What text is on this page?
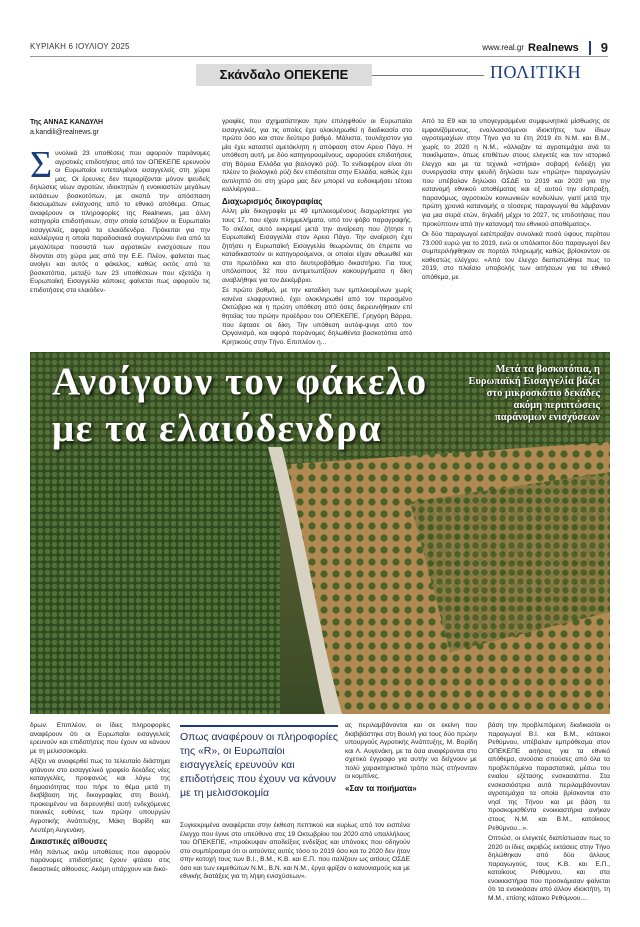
ΚΥΡΙΑΚΗ 6 ΙΟΥΛΙΟΥ 2025	www.real.gr Realnews 9
Σκάνδαλο ΟΠΕΚΕΠΕ	ΠΟΛΙΤΙΚΗ
Της ΑΝΝΑΣ ΚΑΝΔΥΛΗ
a.kandili@realnews.gr
Σ υνολικά 23 υποθέσεις που αφορούν παράνομες αγροτικές επιδοτήσεις από τον ΟΠΕΚΕΠΕ ερευνούν οι Ευρωπαίοι εντεταλμένοι εισαγγελείς στη χώρα μας. Οι έρευνες δεν περιορίζονται μόνον ψευδείς δηλώσεις νέων αγροτών, ιδιοκτητών ή ενοικιαστών μεγάλων εκτάσεων βοσκοτόπων, με σκοπό την απόσπαση διασωμάτων ενίσχυσης από το εθνικό απόθεμα. Οπως αναφέρουν οι πληροφορίες της Realnews, μια άλλη κατηγορία επιδοτήσεων, στην οποία εστιάζουν οι Ευρωπαίοι εισαγγελείς, αφορά τα ελαιόδενδρα. Πρόκειται για την καλλιέργεια η οποία παραδοσιακά συγκεντρώνει ένα από τα μεγαλύτερα ποσοστά των αγροτικών ενισχύσεων που δίνονται στη χώρα μας από την Ε.Ε. Πλέον, φαίνεται πως ανοίγει και αυτός ο φάκελος, καθώς εκτός από τα βοσκοτόπια, μεταξύ των 23 υποθέσεων που εξετάζει η Ευρωπαϊκή Εισαγγελία κάποιες φαίνεται πως αφορούν τις επιδοτήσεις στα ελαιόδεν-

γραφίες που σχηματίστηκαν πριν επιληφθούν οι Ευρωπαίοι εισαγγελείς, για τις οποίες έχει ολοκληρωθεί η διαδικασία στο πρώτο όσο και στον δεύτερο βαθμό. Μάλιστα, τουλάχιστον για μία έχει καταστεί αμετάκλητη η απόφαση στον Αρειο Πάγο. Η υπόθεση αυτή, με δύο κατηγορουμένους, αφορούσε επιδοτήσεις στη Βόρεια Ελλάδα για βιολογικό ρύζι. Το ενδιαφέρον είναι ότι πλέον το βιολογικό ρύζι δεν επιδοτείται στην Ελλάδα, καθώς έχει αντιληπτό ότι στη χώρα μας δεν μπορεί να ευδοκιμήσει τέτοια καλλιέργεια...

Διαχωρισμός δικογραφίας

Αλλη μία δικογραφία με 49 εμπλεκομένους διαχωρίστηκε για τους 17, που είχαν πλημμελήματα, υπό τον φόβο παραγραφής. Το σκέλος αυτό εκκρεμεί μετά την αναίρεση που ζήτησε η Ευρωπαϊκή Εισαγγελία στον Αρειο Πάγο. Την αναίρεση έχει ζητήσει η Ευρωπαϊκή Εισαγγελία θεωρώντας ότι έπρεπε να καταδικαστούν οι κατηγορούμενοι, οι οποίοι είχαν αθωωθεί και στο πρωτόδικο και στο δευτεροβάθμιο δικαστήριο. Για τους υπόλοιπους 32 που αντιμετωπίζουν κακουργήματα η δίκη αναβλήθηκε για τον Δεκέμβριο.

Σε πρώτο βαθμό, με την καταδίκη των εμπλεκομένων χωρίς κανένα ελαφρυντικό, έχει ολοκληρωθεί από τον περασμένο Οκτώβριο και η πρώτη υπόθεση από όσες διερευνήθηκαν επί θητείας του πρώην προέδρου του ΟΠΕΚΕΠΕ, Γρηγόρη Βάρρα, που έφτασε σε δίκη. Την υπόθεση αυτόφ-ψυγε από τον Οργανισμό, και αφορά παράνομες δηλωθέντα βοσκοτόπια από Κρητικούς στην Τήνο. Επιπλέον η...

Από τα Ε9 και τα υπογεγραμμένα συμφωνητικά μίσθωσης σε εμφανίζόμενους, εναλλασσόμενοι ιδιοκτήτες των ίδιων αγροτεμαχίων στην Τήνο για τα έτη 2019 έτι Ν.Μ. και Β.Μ., χωρίς το 2020 η Ν.Μ., «άλλαζαν τα αγροτεμάχια ανά τα ποικίλματα», όπως επιθέτων στους ελεγκτές και τον ιστορικό έλεγχο και με τα τεχνικά «στήρια» σοβαρή ένδειξη για συνεργασία στην ψευδή δηλώσει των «πρώην» παραγωγών που υπέβαλαν δηλώσει ΟΣΔΕ το 2019 και 2020 για την κατανομή εθνικού αποθέματος και εξ αυτού την είσπραξη, παρανόμως, αγροτικών κοινωνικών κονδυλίων, γιατί μετά την πρώτη χρονιά κατανομής ο τέοσερις παραγωγοί θα λάμβαναν για μια σειρά ετών, δηλαδή μέχρι το 2027, τις επιδοτήσεις που προκύπτουν από την κατανομή του εθνικού αποθέματος».

Οι δύο παραγωγοί εισέπραξαν συνολικά ποσό ύψους περίπου 73.000 ευρώ για το 2019, ενώ οι υπόλοιποι δύο παραγωγοί δεν συμπεριλήφθηκαν σε πορτάλ πληρωμής καθώς βρίσκονταν σε καθεστώς ελέγχου. «Από τον έλεγχο διαπιστώθηκε πως το 2019, στο πλαίσιο υποβολής των αιτήσεων για τα εθνικό απόθεμα, με

Ανοίγουν τον φάκελο
με τα ελαιόδενδρα
Μετά τα βοσκοτόπια, η Ευρωπαϊκή Εισαγγελία βάζει στο μικροσκόπιο δεκάδες ακόμη περιπτώσεις παράνομων ενισχύσεων

δρων. Επιπλέον, οι ίδιες πληροφορίες αναφέρουν ότι οι Ευρωπαίοι εισαγγελείς ερευνούν και επιδοτήσεις που έχουν να κάνουν με τη μελισσοκομία.

Αξίζει να αναφερθεί πως το τελευταίο διάστημα φτάνουν στο εισαγγελικό γραφείο δεκάδες νέες καταγγελίες, προφανώς και λόγω της δημοσιότητας που πήρε το θέμα μετά τη διαβίβαση της δικογραφίας στη Βουλή, προκειμένου να διερευνηθεί αυτή ενδεχόμενες ποινικές ευθύνες των πρώην υπουργών Αγροτικής Ανάπτυξης, Μάκη Βορίδη και Λευτέρη Αυγενάκη.

Δικαστικές αίθουσες

Ηδη πάντως ακόμ υποθέσεις που αφορούν παράνομες επιδοτήσεις έχουν φτάσει στις δικαστικές αίθουσες. Ακόμη υπάρχουν και δικο-

Οπως αναφέρουν οι πληροφορίες της «R», οι Ευρωπαίοι εισαγγελείς ερευνούν και επιδοτήσεις που έχουν να κάνουν με τη μελισσοκομία

Συγκεκριμένα αναφέρεται στην έκθεση πεπτικού και κυρίως από τον εισπένα έλεγχο που έγινε στο υπεύθυνο στις 19 Οκτωβρίου του 2020 από υπαλλήλους του ΟΠΕΚΕΠΕ, «προέκυψαν αποδείξεις ενδείξεις και υπόνοιες που οδηγούν στο συμπέρασμα ότι οι αιτούντες αυτές τόσο το 2019 όσο και το 2020 δεν ήταν στην κατοχή τους των Β.Ι., Β.Μ., Κ.Β. και Ε.Π. που ιταλίζουν ως αιτίους ΟΣΔΕ όσο και των εκμεθώτων Ν.Μ., Β.Ν. και Ν.Μ., έργα φρίξαν ο κανονισμούς και με εθνικής διατάξεις για τη λήψη ενισχύσεων».

ας περιλαμβάνονται και σε εκείνη που διαβιβάστηκε στη Βουλή για τους δύο πρώην υπουργούς Αγροτικής Ανάπτυξης, Μ. Βορίδη και Λ. Αυγενάκη, με τα όσα αναφέρονται στο σχετικό έγγραφο για αυτήν να δείχνουν με πολύ χαρακτηριστικό τρόπο πώς στήνονταν οι κομπίνες.

«Σαν τα ποιήματα»

βάση την προβλεπόμενη διαδικασία οι παραγωγοί Β.Ι. και Β.Μ., κάτοικοι Ρεθύμνου, υπέβαλαν εμπρόθεσμα στον ΟΠΕΚΕΠΕ αιτήσεις για τα εθνικό απόθεμα, ανούσια σπούσες από όλα τα προβλεπόμενα παραστατικά, μέσω του ενιαίου εξέτασης ενσκασιάττια. Στα ενσκασιόστρια αυτά περιλαμβάνονταν αγροτεμάχια τα οποία βρίσκονται στο νησί της Τήνου και με βάση τα προσκομισθέντα ενοικιαστήρια ανήκαν στους Ν.Μ. και Β.Μ., κατοίκους Ρεθύμνου...».

Οπτιώσ, οι ελεγκτές διαπίστωσαν πως το 2020 οι ίδιες ακριβώς εκτάσεις στην Τήνο δηλώθηκαν από δύο άλλους παραγωγούς, τους Κ.Β. και Ε.Π., κατοίκους Ρεθύμνου, και στα ενοικιαστήρια που προσκόμισαν φαίνεται ότι τα ενοικιάσαν από άλλον ιδιοκτήτη, τη Μ.Μ., επίσης κάτοικο Ρεθύμνου....
